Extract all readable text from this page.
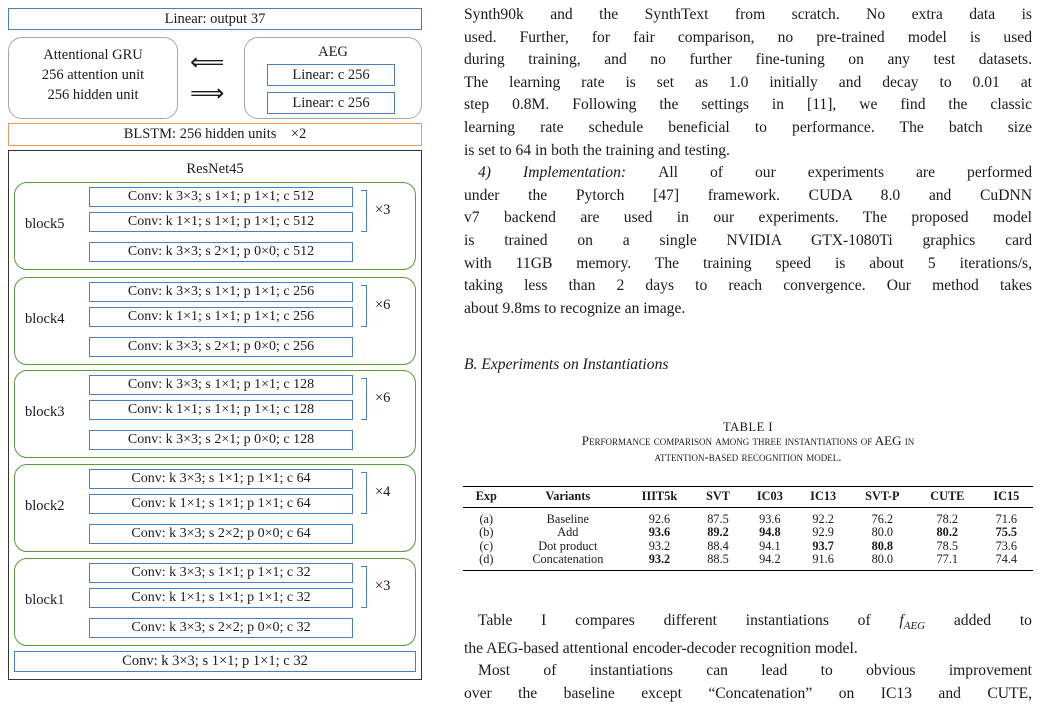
Linear: output 37
Attentional GRU
256 attention unit
256 hidden unit
⟸
⟹
AEG
Linear: c 256
Linear: c 256
BLSTM: 256 hidden units    ×2
ResNet45
block5
Conv: k 3×3; s 1×1; p 1×1; c 512
Conv: k 1×1; s 1×1; p 1×1; c 512
Conv: k 3×3; s 2×1; p 0×0; c 512
×3
block4
Conv: k 3×3; s 1×1; p 1×1; c 256
Conv: k 1×1; s 1×1; p 1×1; c 256
Conv: k 3×3; s 2×1; p 0×0; c 256
×6
block3
Conv: k 3×3; s 1×1; p 1×1; c 128
Conv: k 1×1; s 1×1; p 1×1; c 128
Conv: k 3×3; s 2×1; p 0×0; c 128
×6
block2
Conv: k 3×3; s 1×1; p 1×1; c 64
Conv: k 1×1; s 1×1; p 1×1; c 64
Conv: k 3×3; s 2×2; p 0×0; c 64
×4
block1
Conv: k 3×3; s 1×1; p 1×1; c 32
Conv: k 1×1; s 1×1; p 1×1; c 32
Conv: k 3×3; s 2×2; p 0×0; c 32
×3
Conv: k 3×3; s 1×1; p 1×1; c 32
Synth90k and the SynthText from scratch. No extra data is
used. Further, for fair comparison, no pre-trained model is used
during training, and no further fine-tuning on any test datasets.
The learning rate is set as 1.0 initially and decay to 0.01 at
step 0.8M. Following the settings in [11], we find the classic
learning rate schedule beneficial to performance. The batch size
is set to 64 in both the training and testing.
4) Implementation: All of our experiments are performed
under the Pytorch [47] framework. CUDA 8.0 and CuDNN
v7 backend are used in our experiments. The proposed model
is trained on a single NVIDIA GTX-1080Ti graphics card
with 11GB memory. The training speed is about 5 iterations/s,
taking less than 2 days to reach convergence. Our method takes
about 9.8ms to recognize an image.
B. Experiments on Instantiations
TABLE I
Performance comparison among three instantiations of AEG in
attention-based recognition model.
Exp	Variants	IIIT5k	SVT	IC03	IC13	SVT-P	CUTE	IC15
(a)	Baseline	92.6	87.5	93.6	92.2	76.2	78.2	71.6
(b)	Add	93.6	89.2	94.8	92.9	80.0	80.2	75.5
(c)	Dot product	93.2	88.4	94.1	93.7	80.8	78.5	73.6
(d)	Concatenation	93.2	88.5	94.2	91.6	80.0	77.1	74.4
Table I compares different instantiations of $f_{AEG}$ added to
the AEG-based attentional encoder-decoder recognition model.
Most of instantiations can lead to obvious improvement
over the baseline except “Concatenation” on IC13 and CUTE,
